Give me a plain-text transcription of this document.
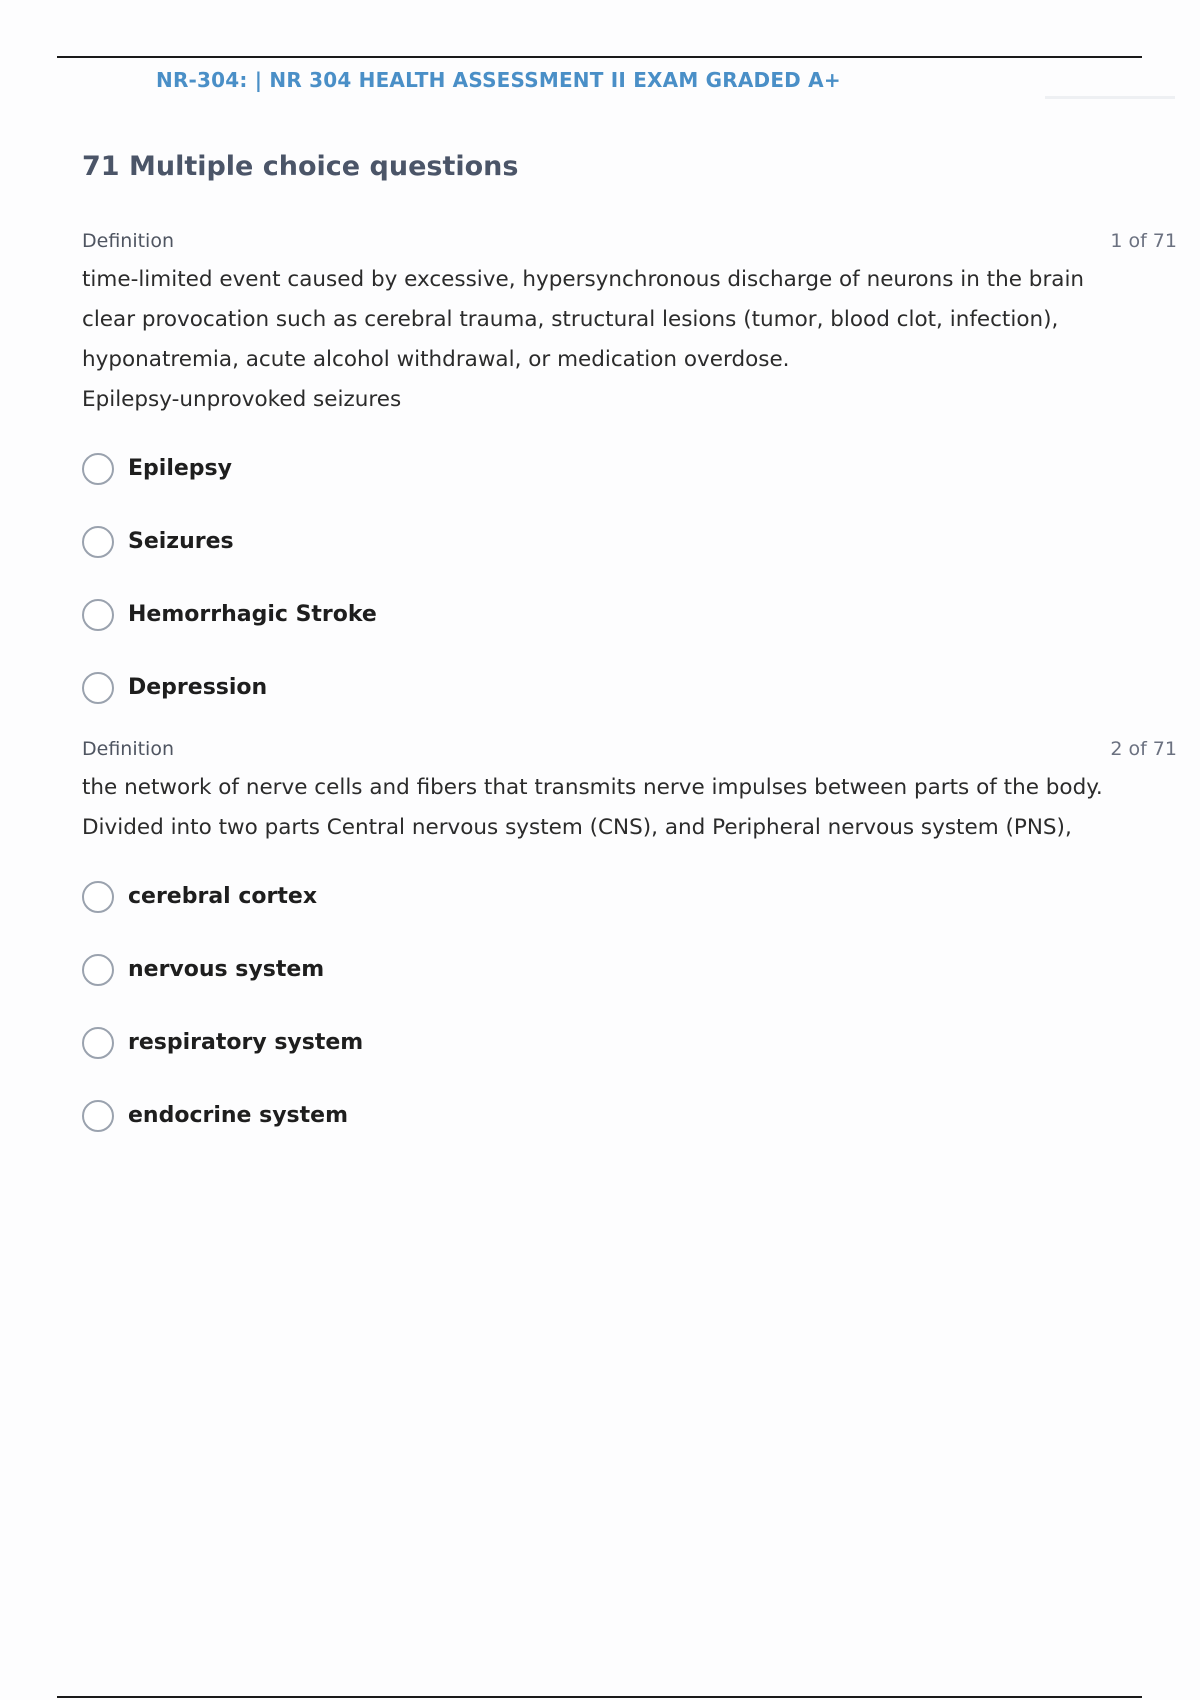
NR-304: | NR 304 HEALTH ASSESSMENT II EXAM GRADED A+
71 Multiple choice questions
Definition	1 of 71

time-limited event caused by excessive, hypersynchronous discharge of neurons in the brain

clear provocation such as cerebral trauma, structural lesions (tumor, blood clot, infection),

hyponatremia, acute alcohol withdrawal, or medication overdose.

Epilepsy-unprovoked seizures

Epilepsy
Seizures
Hemorrhagic Stroke
Depression
Definition	2 of 71

the network of nerve cells and fibers that transmits nerve impulses between parts of the body.

Divided into two parts Central nervous system (CNS), and Peripheral nervous system (PNS),

cerebral cortex
nervous system
respiratory system
endocrine system
